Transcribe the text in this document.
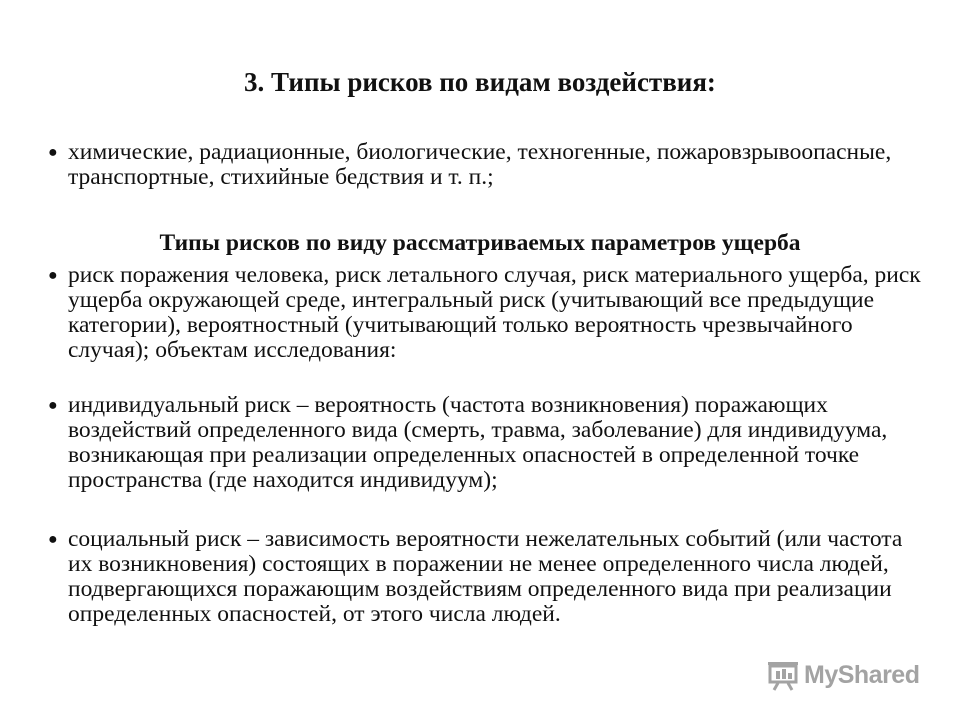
3. Типы рисков по видам воздействия:
● химические, радиационные, биологические, техногенные, пожаровзрывоопасные, транспортные, стихийные бедствия и т. п.;
Типы рисков по виду рассматриваемых параметров ущерба
● риск поражения человека, риск летального случая, риск материального ущерба, риск ущерба окружающей среде, интегральный риск (учитывающий все предыдущие категории), вероятностный (учитывающий только вероятность чрезвычайного случая); объектам исследования:
● индивидуальный риск – вероятность (частота возникновения) поражающих воздействий определенного вида (смерть, травма, заболевание) для индивидуума, возникающая при реализации определенных опасностей в определенной точке пространства (где находится индивидуум);
● социальный риск – зависимость вероятности нежелательных событий (или частота их возникновения) состоящих в поражении не менее определенного числа людей, подвергающихся поражающим воздействиям определенного вида при реализации определенных опасностей, от этого числа людей.
MyShared
